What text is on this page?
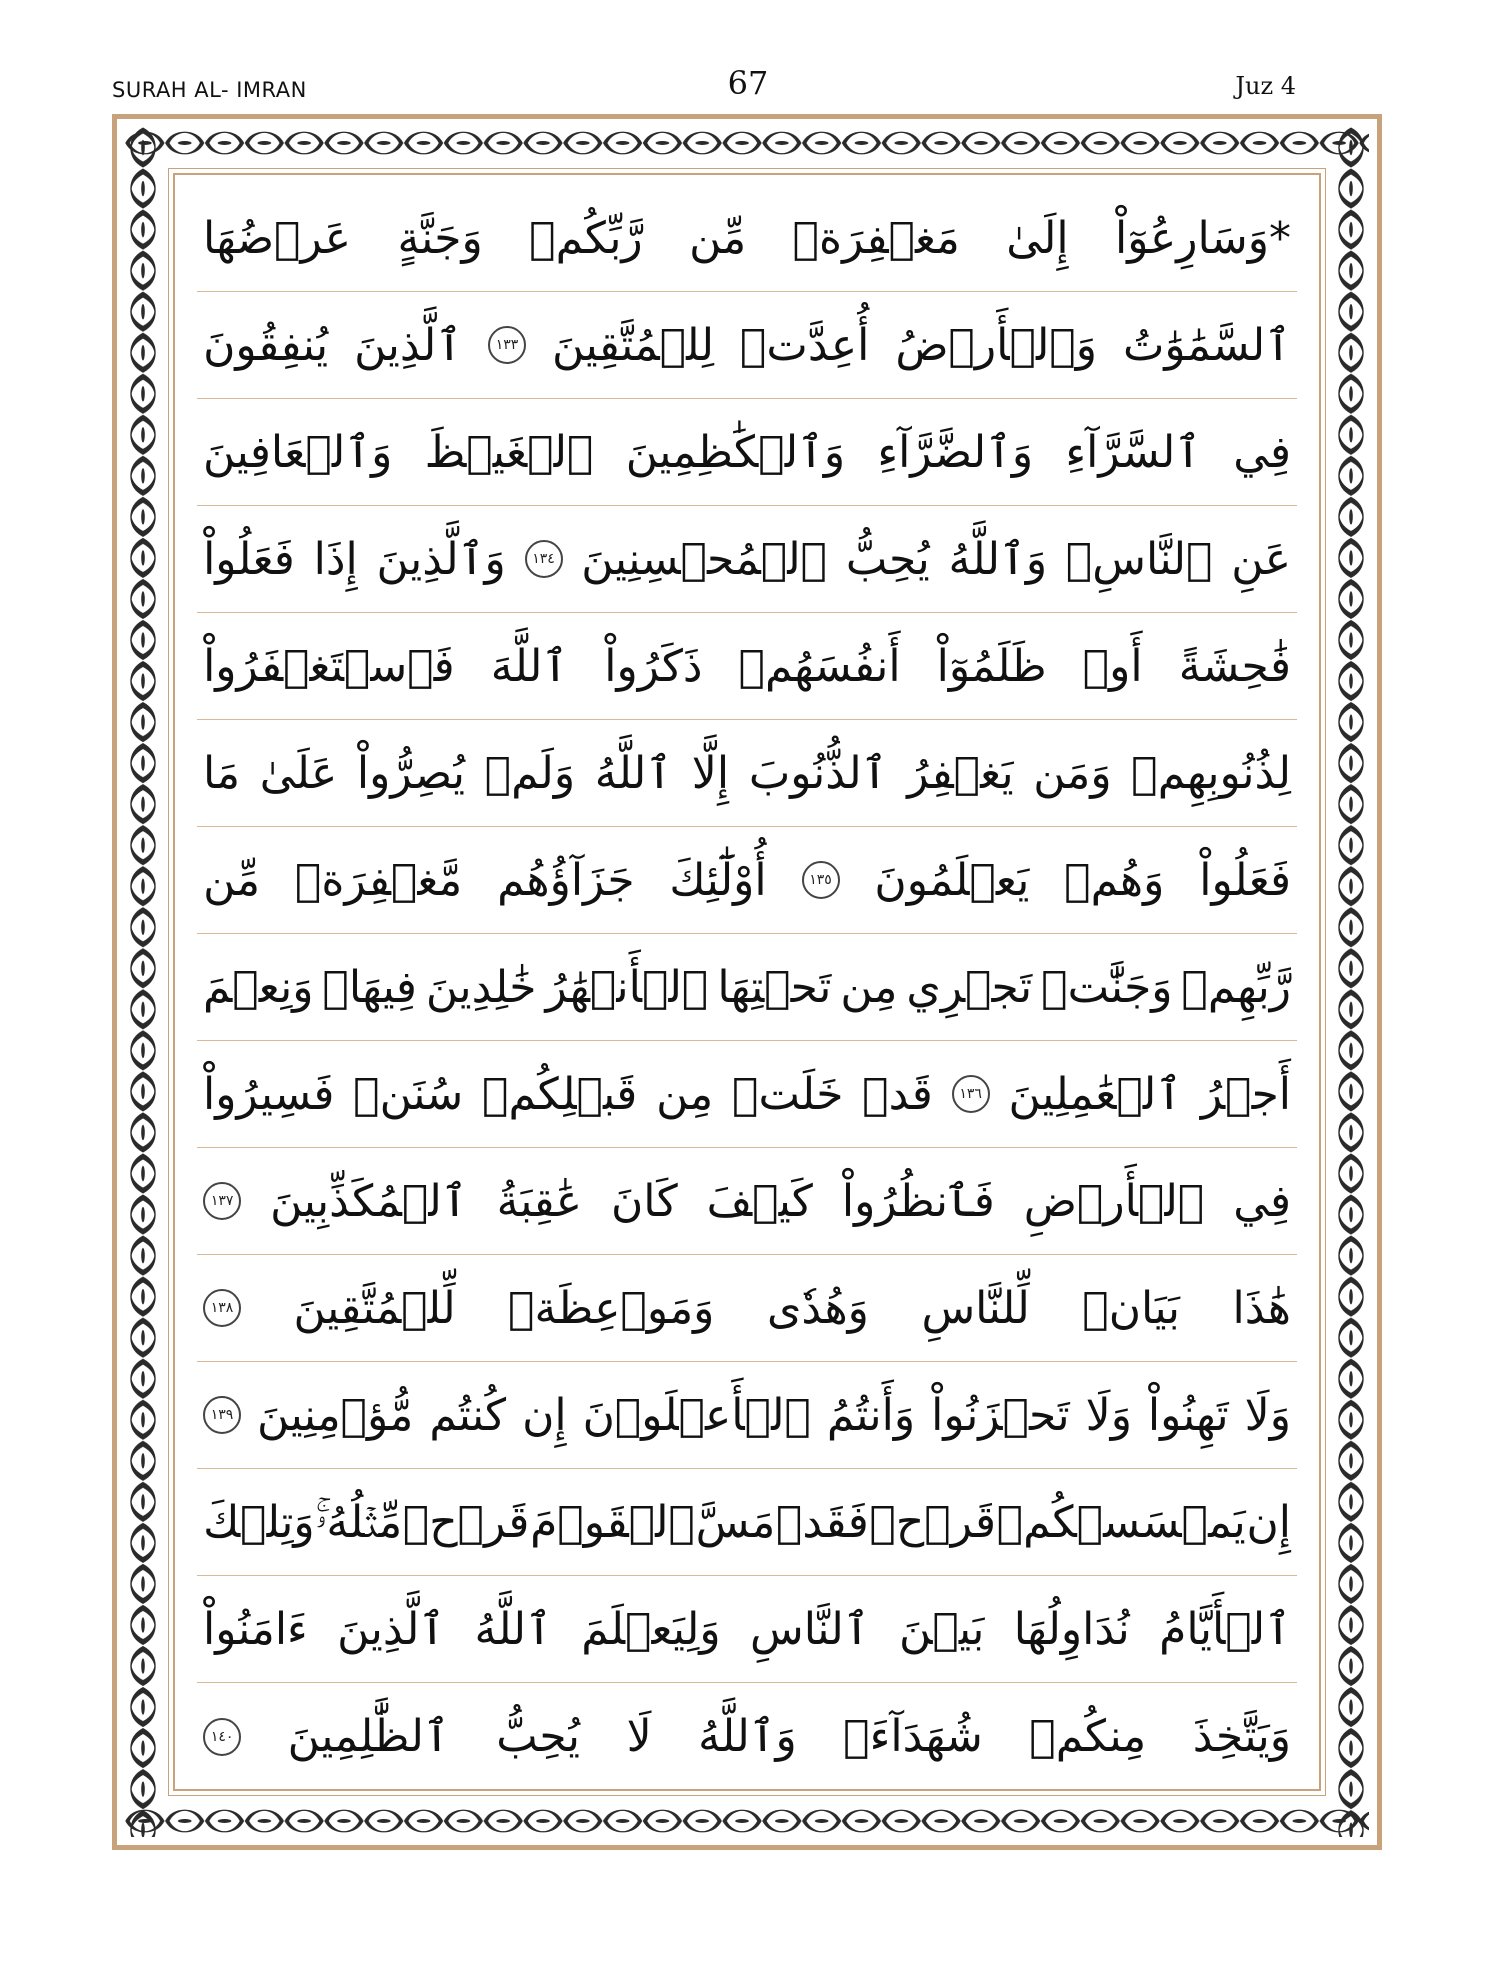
SURAH AL- IMRAN	67	Juz 4
*وَسَارِعُوٓاْ
إِلَىٰ
مَغۡفِرَةٖ
مِّن
رَّبِّكُمۡ
وَجَنَّةٍ
عَرۡضُهَا
ٱلسَّمَٰوَٰتُ
وَٱلۡأَرۡضُ
أُعِدَّتۡ
لِلۡمُتَّقِينَ
١٣٣
ٱلَّذِينَ
يُنفِقُونَ
فِي
ٱلسَّرَّآءِ
وَٱلضَّرَّآءِ
وَٱلۡكَٰظِمِينَ
ٱلۡغَيۡظَ
وَٱلۡعَافِينَ
عَنِ
ٱلنَّاسِۗ
وَٱللَّهُ
يُحِبُّ
ٱلۡمُحۡسِنِينَ
١٣٤
وَٱلَّذِينَ
إِذَا
فَعَلُواْ
فَٰحِشَةً
أَوۡ
ظَلَمُوٓاْ
أَنفُسَهُمۡ
ذَكَرُواْ
ٱللَّهَ
فَٱسۡتَغۡفَرُواْ
لِذُنُوبِهِمۡ
وَمَن
يَغۡفِرُ
ٱلذُّنُوبَ
إِلَّا
ٱللَّهُ
وَلَمۡ
يُصِرُّواْ
عَلَىٰ
مَا
فَعَلُواْ
وَهُمۡ
يَعۡلَمُونَ
١٣٥
أُوْلَٰٓئِكَ
جَزَآؤُهُم
مَّغۡفِرَةٞ
مِّن
رَّبِّهِمۡ
وَجَنَّٰتٞ
تَجۡرِي
مِن
تَحۡتِهَا
ٱلۡأَنۡهَٰرُ
خَٰلِدِينَ
فِيهَاۚ
وَنِعۡمَ
أَجۡرُ
ٱلۡعَٰمِلِينَ
١٣٦
قَدۡ
خَلَتۡ
مِن
قَبۡلِكُمۡ
سُنَنٞ
فَسِيرُواْ
فِي
ٱلۡأَرۡضِ
فَٱنظُرُواْ
كَيۡفَ
كَانَ
عَٰقِبَةُ
ٱلۡمُكَذِّبِينَ
١٣٧
هَٰذَا
بَيَانٞ
لِّلنَّاسِ
وَهُدٗى
وَمَوۡعِظَةٞ
لِّلۡمُتَّقِينَ
١٣٨
وَلَا
تَهِنُواْ
وَلَا
تَحۡزَنُواْ
وَأَنتُمُ
ٱلۡأَعۡلَوۡنَ
إِن
كُنتُم
مُّؤۡمِنِينَ
١٣٩
إِن
يَمۡسَسۡكُمۡ
قَرۡحٞ
فَقَدۡ
مَسَّ
ٱلۡقَوۡمَ
قَرۡحٞ
مِّثۡلُهُۥۚ
وَتِلۡكَ
ٱلۡأَيَّامُ
نُدَاوِلُهَا
بَيۡنَ
ٱلنَّاسِ
وَلِيَعۡلَمَ
ٱللَّهُ
ٱلَّذِينَ
ءَامَنُواْ
وَيَتَّخِذَ
مِنكُمۡ
شُهَدَآءَۗ
وَٱللَّهُ
لَا
يُحِبُّ
ٱلظَّٰلِمِينَ
١٤٠
